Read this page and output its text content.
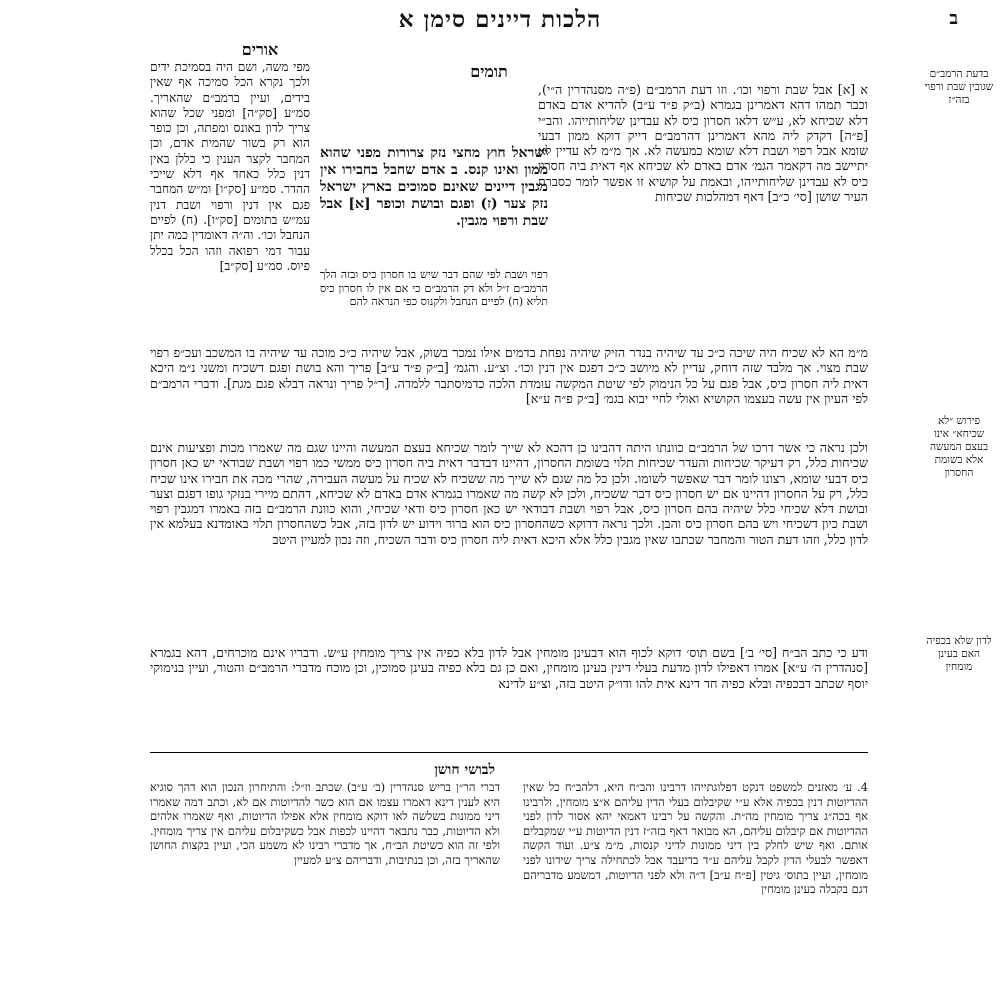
ב
הלכות דיינים סימן א
תומים
אורים
א [א] אבל שבת ורפוי וכו׳. וזו דעת הרמב״ם (פ״ה מסנהדרין ה״י), וכבר תמהו דהא דאמרינן בגמרא (ב״ק פ״ד ע״ב) להדיא אדם באדם דלא שכיחא לא, ע״ש דלאו חסרון כיס לא עבדינן שליחותייהו. והב״י [פ״ה] דקדק ליה מהא דאמרינן דהרמב״ם דייק דוקא ממון דבעי שומא אבל רפוי ושבת דלא שומא כמעשה לא. אך מ״מ לא עדיין לא יתיישב מה דקאמר הגמ׳ אדם באדם לא שכיחא אף דאית ביה חסרון כיס לא עבדינן שליחותייהו, ובאמת על קושיא זו אפשר לומר כסברת העיר שושן [סי׳ כ״ב] דאף דמהלכות שכיחות
ישראל חוץ מחצי נזק צרורות מפני שהוא ממון ואינו קנס. ב אדם שחבל בחבירו אין מגבין דיינים שאינם סמוכים בארץ ישראל נזק צער (ז) ופגם ובושת וכופר [א] אבל שבת ורפוי מגבין.
רפוי ושבת לפי שהם דבר שיש בו חסרון כיס ובזה הלך הרמב״ם ז״ל ולא דק הרמב״ם כי אם אין לו חסרון כיס תליא (ח) לפיים הנחבל ולקנוס כפי הנראה להם
מפי משה, ושם היה בסמיכת ידים ולכך נקרא הכל סמיכה אף שאין בידים, ועיין ברמב״ם שהאריך. סמ״ע [סק״ה] ומפני שכל שהוא צריך לדון באונס ומפתה, וכן כופר הוא רק בשור שהמית אדם, וכן המחבר לקצר הענין כי כללן באין דנין כלל כאחד אף דלא שייכי ההדר. סמ״ע [סק״ו] ומ״ש המחבר פגם אין דנין ורפוי ושבת דנין עמ״ש בתומים [סק״ו]. (ח) לפיים הנחבל וכו׳. וה״ה דאומדין כמה יתן עבור דמי רפואה וזהו הכל בכלל פיוס. סמ״ע [סק״ב]
בדעת הרמב״ם שגובין שבת ורפוי בזה״ז
פירוש ״לא שכיחא״ אינו בעצם המעשה אלא בשומת החסרון
לדון שלא בכפיה האם בעינן מומחין
מ״מ הא לא שכיח היה שיכה כ״כ עד שיהיה בנדר הזיק שיהיה נפחת בדמים אילו נמכר בשוק, אבל שיהיה כ״כ מוכה עד שיהיה בו המשכב ועכ״פ רפוי שבת מצוי. אך מלבד שזה דוחק, עדיין לא מיושב כ״כ דפגם אין דנין וכו׳. וצ״ע. והגמ׳ [ב״ק פ״ד ע״ב] פריך והא בושת ופגם דשכיח ומשני נ״מ היכא דאית ליה חסרון כיס, אבל פגם על כל הנימוק לפי שיטת המקשה עומדת הלכה כדמיסתבר ללמדה. [ר״ל פריך ונראה דבלא פגם מגת]. ודברי הרמב״ם לפי העיון אין עשה בעצמו הקושיא ואולי לחיי יבוא בגמ׳ [ב״ק פ״ה ע״א]
ולכן נראה כי אשר דרכו של הרמב״ם כוונתו היתה דהבינו כן דהכא לא שייך לומר שכיחא בעצם המעשה והיינו שגם מה שאמרו מכות ופציעות אינם שכיחות כלל, רק דעיקר שכיחות והעדר שכיחות תלוי בשומת החסרון, דהיינו דבדבר דאית ביה חסרון כיס ממשי כמו רפוי ושבת שבודאי יש כאן חסרון כיס דבעי שומא, רצונו לומר דבר שאפשר לשומו. ולכן כל מה שגם לא שייך מה ששכיח לא שכיח על מעשה העבירה, שהרי מכה את חבירו אינו שכיח כלל, רק על החסרון דהיינו אם יש חסרון כיס דבר ששכיח, ולכן לא קשה מה שאמרו בגמרא אדם באדם לא שכיחא, דהתם מיירי בנזקי גופו דפגם וצער ובושת דלא שכיחי כלל שיהיה בהם חסרון כיס, אבל רפוי ושבת דבודאי יש כאן חסרון כיס ודאי שכיחי, והוא כוונת הרמב״ם בזה באמרו דמגבין רפוי ושבת כיון דשכיחי ויש בהם חסרון כיס והבן. ולכך נראה דדוקא כשהחסרון כיס הוא ברור וידוע יש לדון בזה, אבל כשהחסרון תלוי באומדנא בעלמא אין לדון כלל, וזהו דעת הטור והמחבר שכתבו שאין מגבין כלל אלא היכא דאית ליה חסרון כיס ודבר השכיח, וזה נכון למעיין היטב
ודע כי כתב הב״ח [סי׳ ב׳] בשם תוס׳ דוקא לכוף הוא דבעינן מומחין אבל לדון בלא כפיה אין צריך מומחין ע״ש. ודבריו אינם מוכרחים, דהא בגמרא [סנהדרין ה׳ ע״א] אמרו דאפילו לדון מדעת בעלי דינין בעינן מומחין, ואם כן גם בלא כפיה בעינן סמוכין, וכן מוכח מדברי הרמב״ם והטור, ועיין בנימוקי יוסף שכתב דבכפיה ובלא כפיה חד דינא אית להו ודו״ק היטב בזה, וצ״ע לדינא
לבושי חושן
4. ע׳ מאזנים למשפט דנקט דפלוגתייהו דרבינו והב״ח היא, דלהב״ח כל שאין ההדיוטות דנין בכפיה אלא ע״י שקיבלום בעלי הדין עליהם א״צ מומחין, ולרבינו אף בכה״ג צריך מומחין מה״ת. והקשה על רבינו דאמאי יהא אסור לדון לפני ההדיוטות אם קיבלום עליהם, הא מבואר דאף בזה״ז דנין הדיוטות ע״י שמקבלים אותם. ואף שיש לחלק בין דיני ממונות לדיני קנסות, מ״מ צ״ע. ועוד הקשה דאפשר לבעלי הדין לקבל עליהם ע״ד בדיעבד אבל לכתחילה צריך שידונו לפני מומחין, ועיין בתוס׳ גיטין [פ״ח ע״ב] ד״ה ולא לפני הדיוטות, דמשמע מדבריהם דגם בקבלה בעינן מומחין
דברי הר״ן בריש סנהדרין (ב׳ ע״ב) שכתב וז״ל: והתיחרון הנכון הוא דהך סוגיא היא לענין דינא דאמרו עצמו אם הוא כשר להדיוטות אם לא, וכתב דמה שאמרו דיני ממונות בשלשה לאו דוקא מומחין אלא אפילו הדיוטות, ואף שאמרו אלהים ולא הדיוטות, כבר נתבאר דהיינו לכפות אבל כשקיבלום עליהם אין צריך מומחין. ולפי זה הוא כשיטת הב״ח, אך מדברי רבינו לא משמע הכי, ועיין בקצות החושן שהאריך בזה, וכן בנתיבות, ודבריהם צ״ע למעיין
